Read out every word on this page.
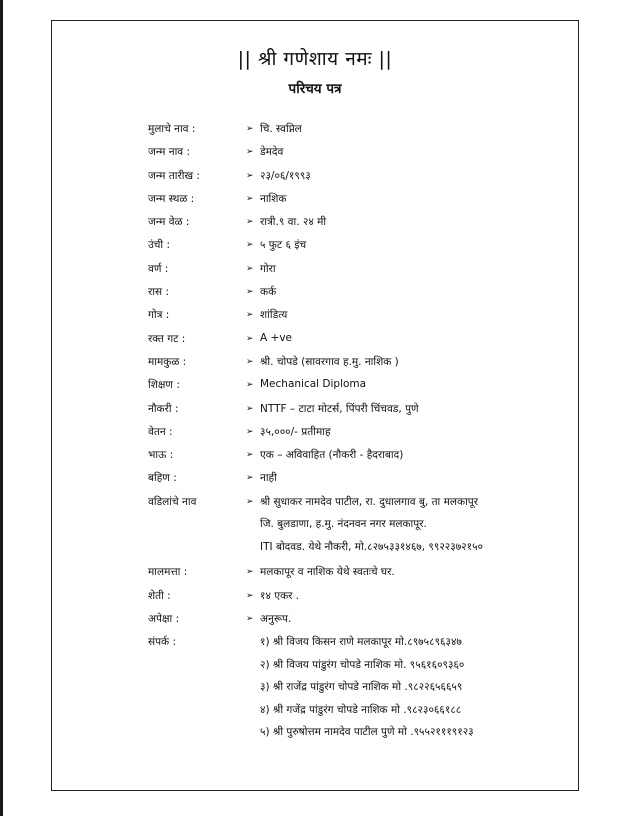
|| श्री गणेशाय नमः ||
परिचय पत्र
मुलाचे नाव :	➢ चि. स्वप्निल
जन्म नाव :	➢ डेमदेव
जन्म तारीख :	➢ २३/०६/१९९३
जन्म स्थळ :	➢ नाशिक
जन्म वेळ :	➢ रात्री.९ वा. २४ मी
उंची :	➢ ५ फुट ६ इंच
वर्ण :	➢ गोरा
रास :	➢ कर्क
गोत्र :	➢ शांडित्य
रक्त गट :	➢ A +ve
मामकुळ :	➢ श्री. चोपडे (सावरगाव ह.मु. नाशिक )
शिक्षण :	➢ Mechanical Diploma
नौकरी :	➢ NTTF – टाटा मोटर्स, पिंपरी चिंचवड, पुणे
वेतन :	➢ ३५,०००/- प्रतीमाह
भाऊ :	➢ एक – अविवाहित (नौकरी - हैदराबाद)
बहिण :	➢ नाही
वडिलांचे नाव	➢ श्री सुधाकर नामदेव पाटील, रा. दुधालगाव बु, ता मलकापूर
जि. बुलडाणा, ह.मु. नंदनवन नगर मलकापूर.
ITI बोदवड. येथे नौकरी, मो.८२७५३३१४६७, ९९२२३७२१५०
मालमत्ता :	➢ मलकापूर व नाशिक येथे स्वतःचे घर.
शेती :	➢ १४ एकर .
अपेक्षा :	➢ अनुरूप.
संपर्क :	१) श्री विजय किसन राणे मलकापूर मो.८९७५८९६३४७
२) श्री विजय पांडुरंग चोपडे नाशिक मो. ९५६१६०९३६०
३) श्री राजेंद्र पांडुरंग चोपडे नाशिक मो .९८२२६५६६५९
४) श्री गजेंद्र पांडुरंग चोपडे नाशिक मो .९८२३०६६१८८
५) श्री पुरुषोत्तम नामदेव पाटील पुणे मो .९५५२१११९१२३
